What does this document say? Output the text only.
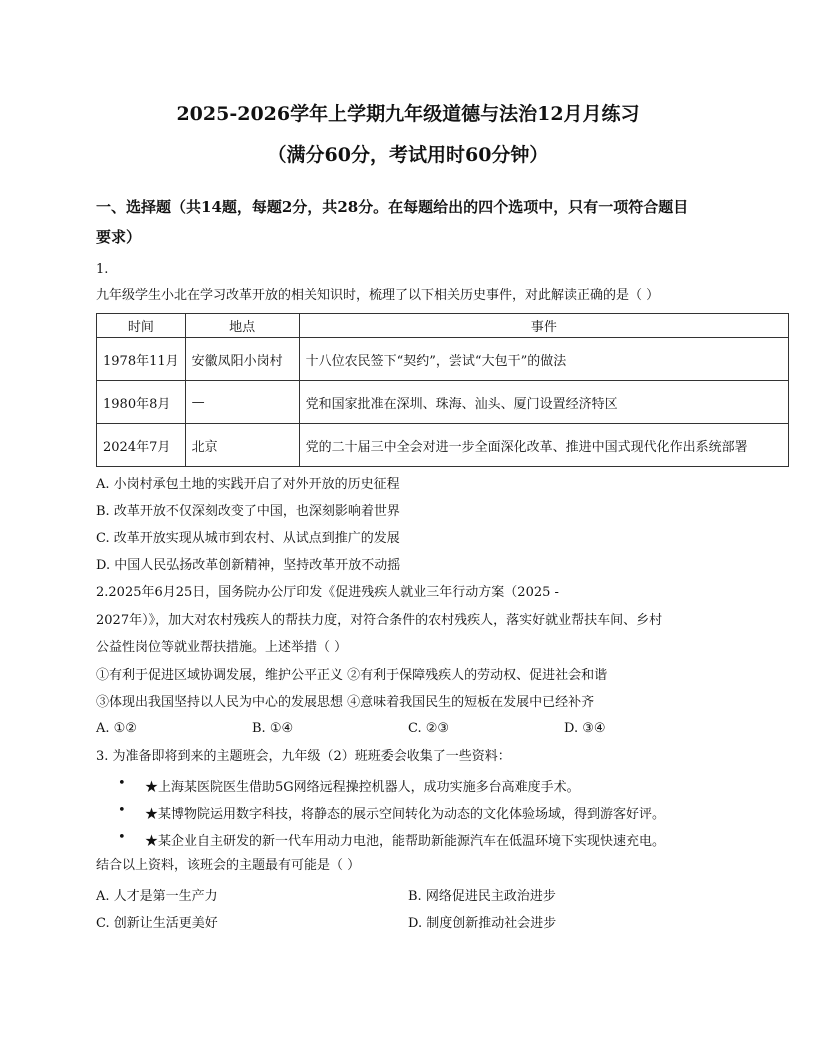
2025-2026学年上学期九年级道德与法治12月月练习
（满分60分，考试用时60分钟）
一、选择题（共14题，每题2分，共28分。在每题给出的四个选项中，只有一项符合题目
要求）
1.
九年级学生小北在学习改革开放的相关知识时，梳理了以下相关历史事件，对此解读正确的是（ ）
时间	地点	事件
1978年11月	安徽凤阳小岗村	十八位农民签下“契约”，尝试“大包干”的做法
1980年8月	—	党和国家批准在深圳、珠海、汕头、厦门设置经济特区
2024年7月	北京	党的二十届三中全会对进一步全面深化改革、推进中国式现代化作出系统部署
A. 小岗村承包土地的实践开启了对外开放的历史征程
B. 改革开放不仅深刻改变了中国，也深刻影响着世界
C. 改革开放实现从城市到农村、从试点到推广的发展
D. 中国人民弘扬改革创新精神，坚持改革开放不动摇
2.2025年6月25日，国务院办公厅印发《促进残疾人就业三年行动方案（2025 -
2027年）》，加大对农村残疾人的帮扶力度，对符合条件的农村残疾人，落实好就业帮扶车间、乡村
公益性岗位等就业帮扶措施。上述举措（ ）
①有利于促进区域协调发展，维护公平正义 ②有利于保障残疾人的劳动权、促进社会和谐
③体现出我国坚持以人民为中心的发展思想 ④意味着我国民生的短板在发展中已经补齐
A. ①②	B. ①④	C. ②③	D. ③④
3. 为准备即将到来的主题班会，九年级（2）班班委会收集了一些资料：
• ★上海某医院医生借助5G网络远程操控机器人，成功实施多台高难度手术。
• ★某博物院运用数字科技，将静态的展示空间转化为动态的文化体验场域，得到游客好评。
• ★某企业自主研发的新一代车用动力电池，能帮助新能源汽车在低温环境下实现快速充电。
结合以上资料，该班会的主题最有可能是（ ）
A. 人才是第一生产力	B. 网络促进民主政治进步
C. 创新让生活更美好	D. 制度创新推动社会进步
